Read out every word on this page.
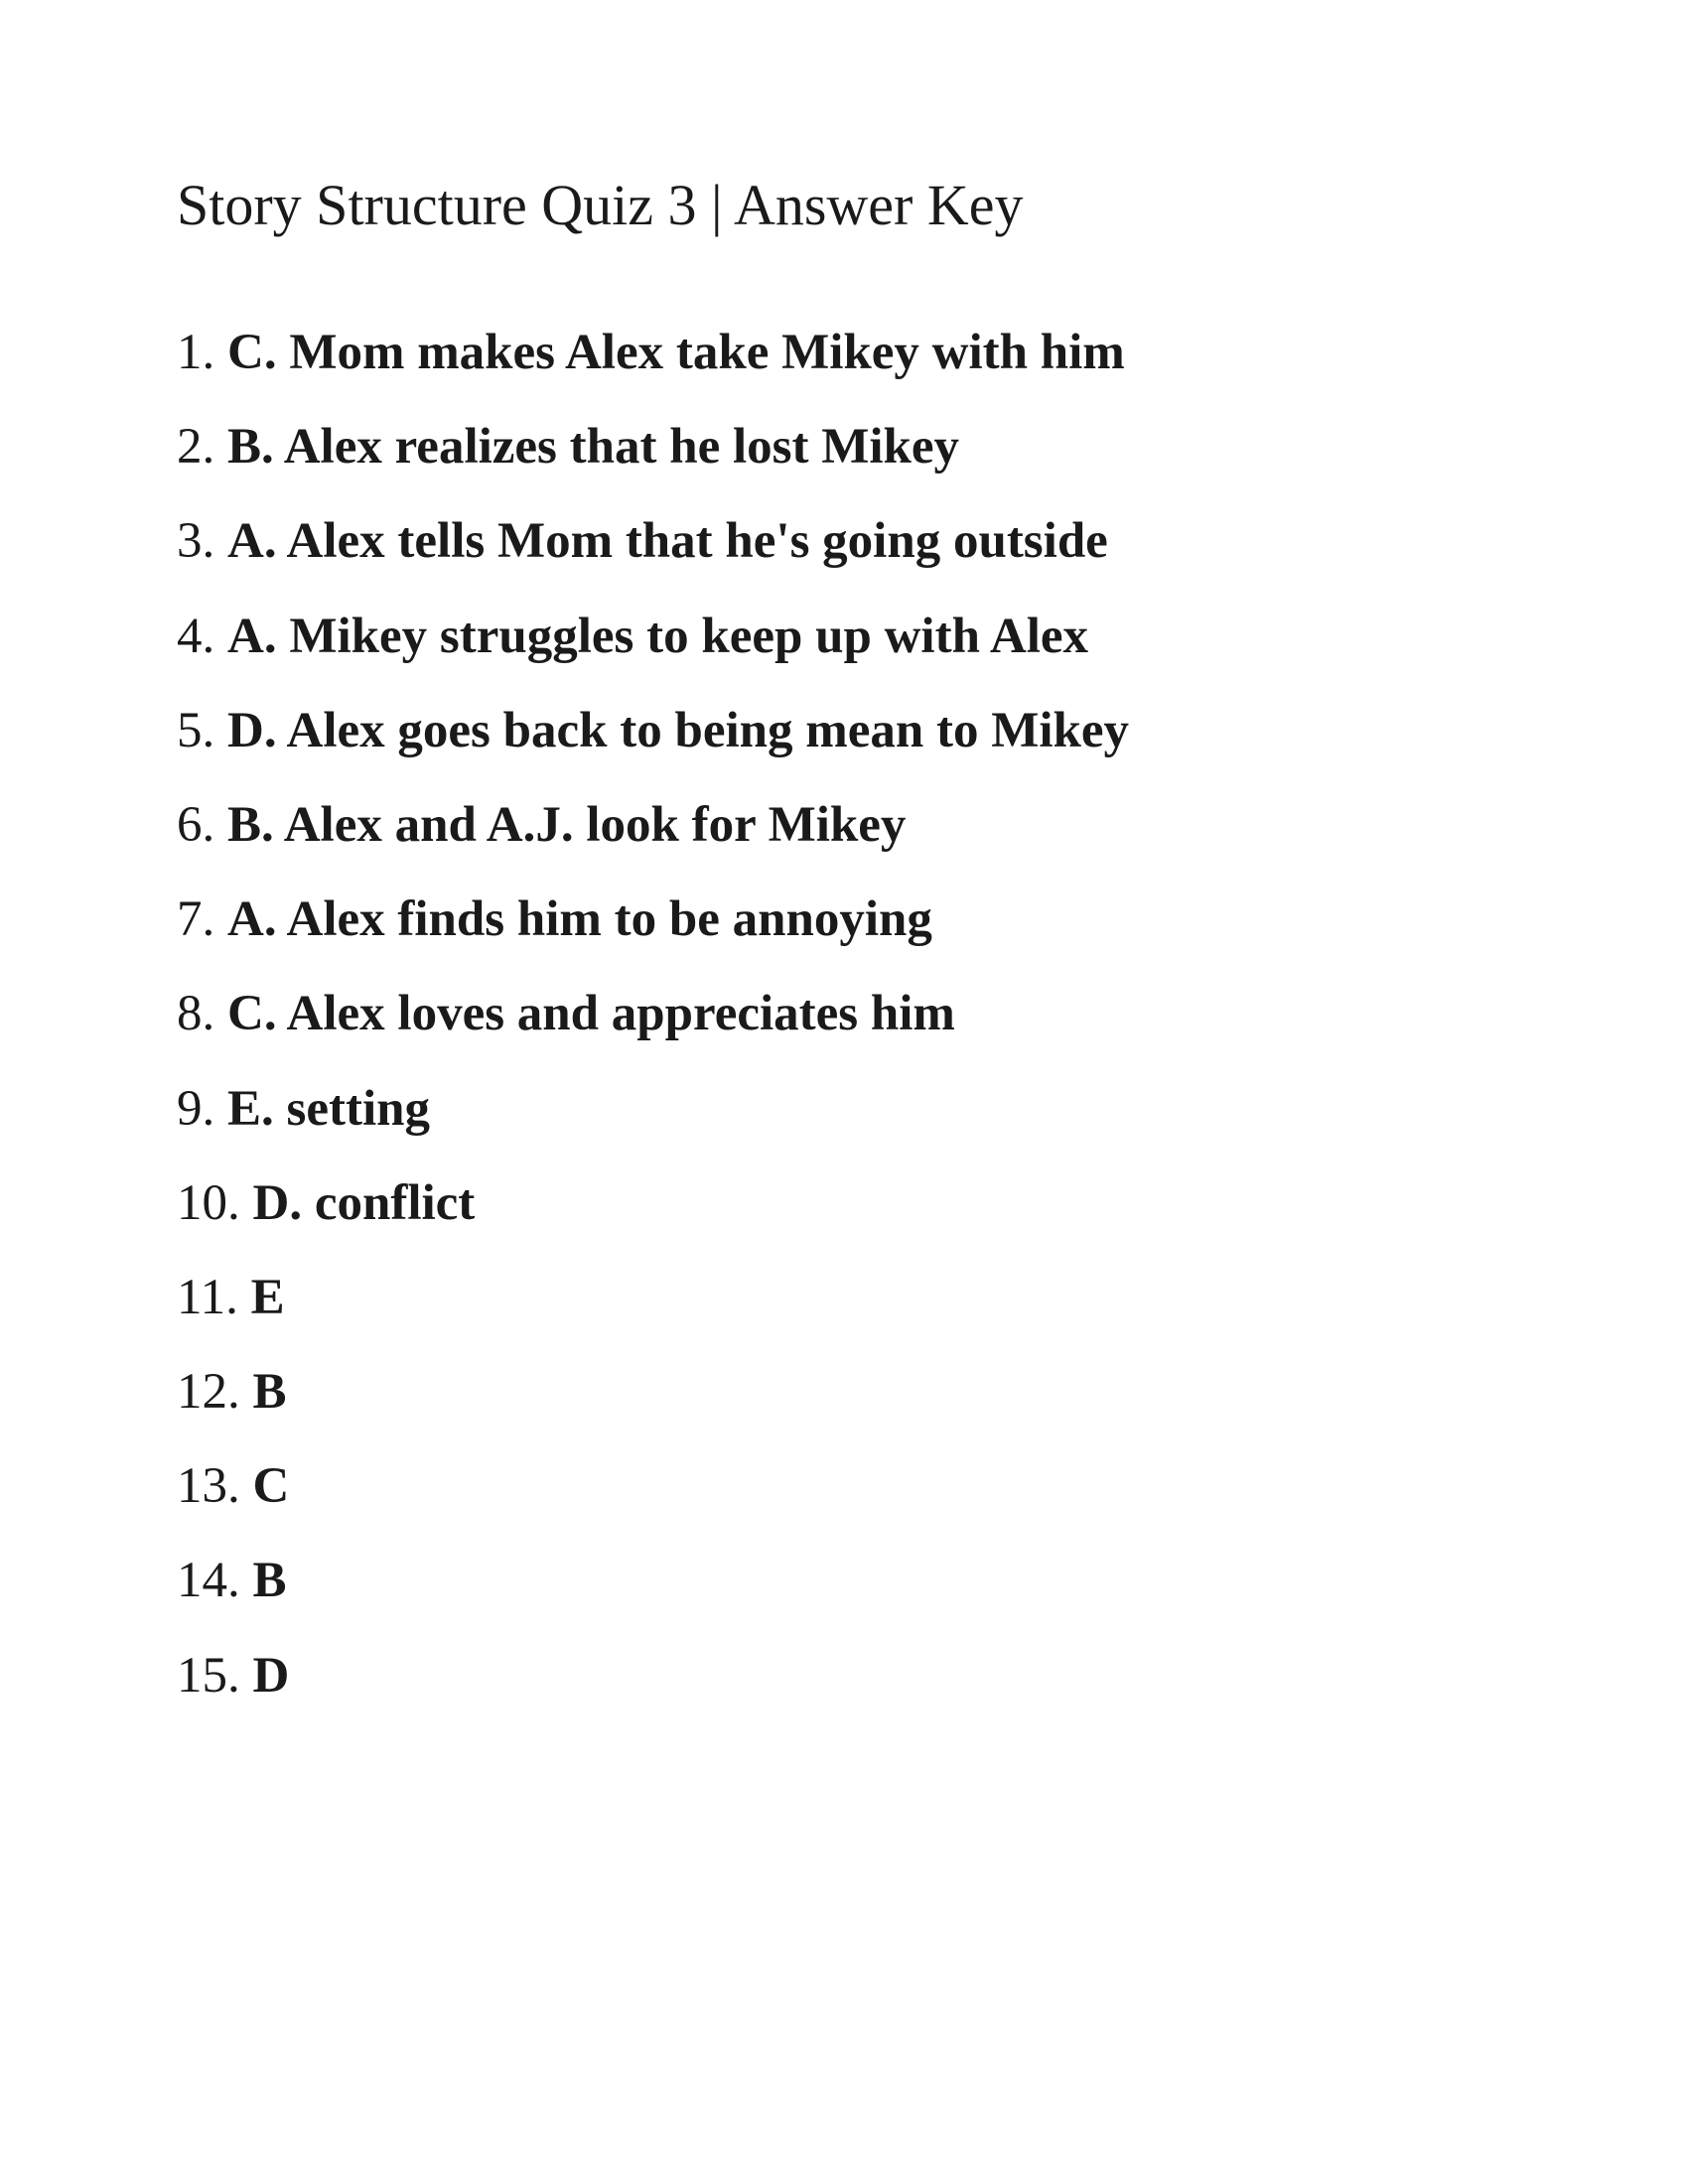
Story Structure Quiz 3 | Answer Key
1. C. Mom makes Alex take Mikey with him
2. B. Alex realizes that he lost Mikey
3. A. Alex tells Mom that he's going outside
4. A. Mikey struggles to keep up with Alex
5. D. Alex goes back to being mean to Mikey
6. B. Alex and A.J. look for Mikey
7. A. Alex finds him to be annoying
8. C. Alex loves and appreciates him
9. E. setting
10. D. conflict
11. E
12. B
13. C
14. B
15. D
